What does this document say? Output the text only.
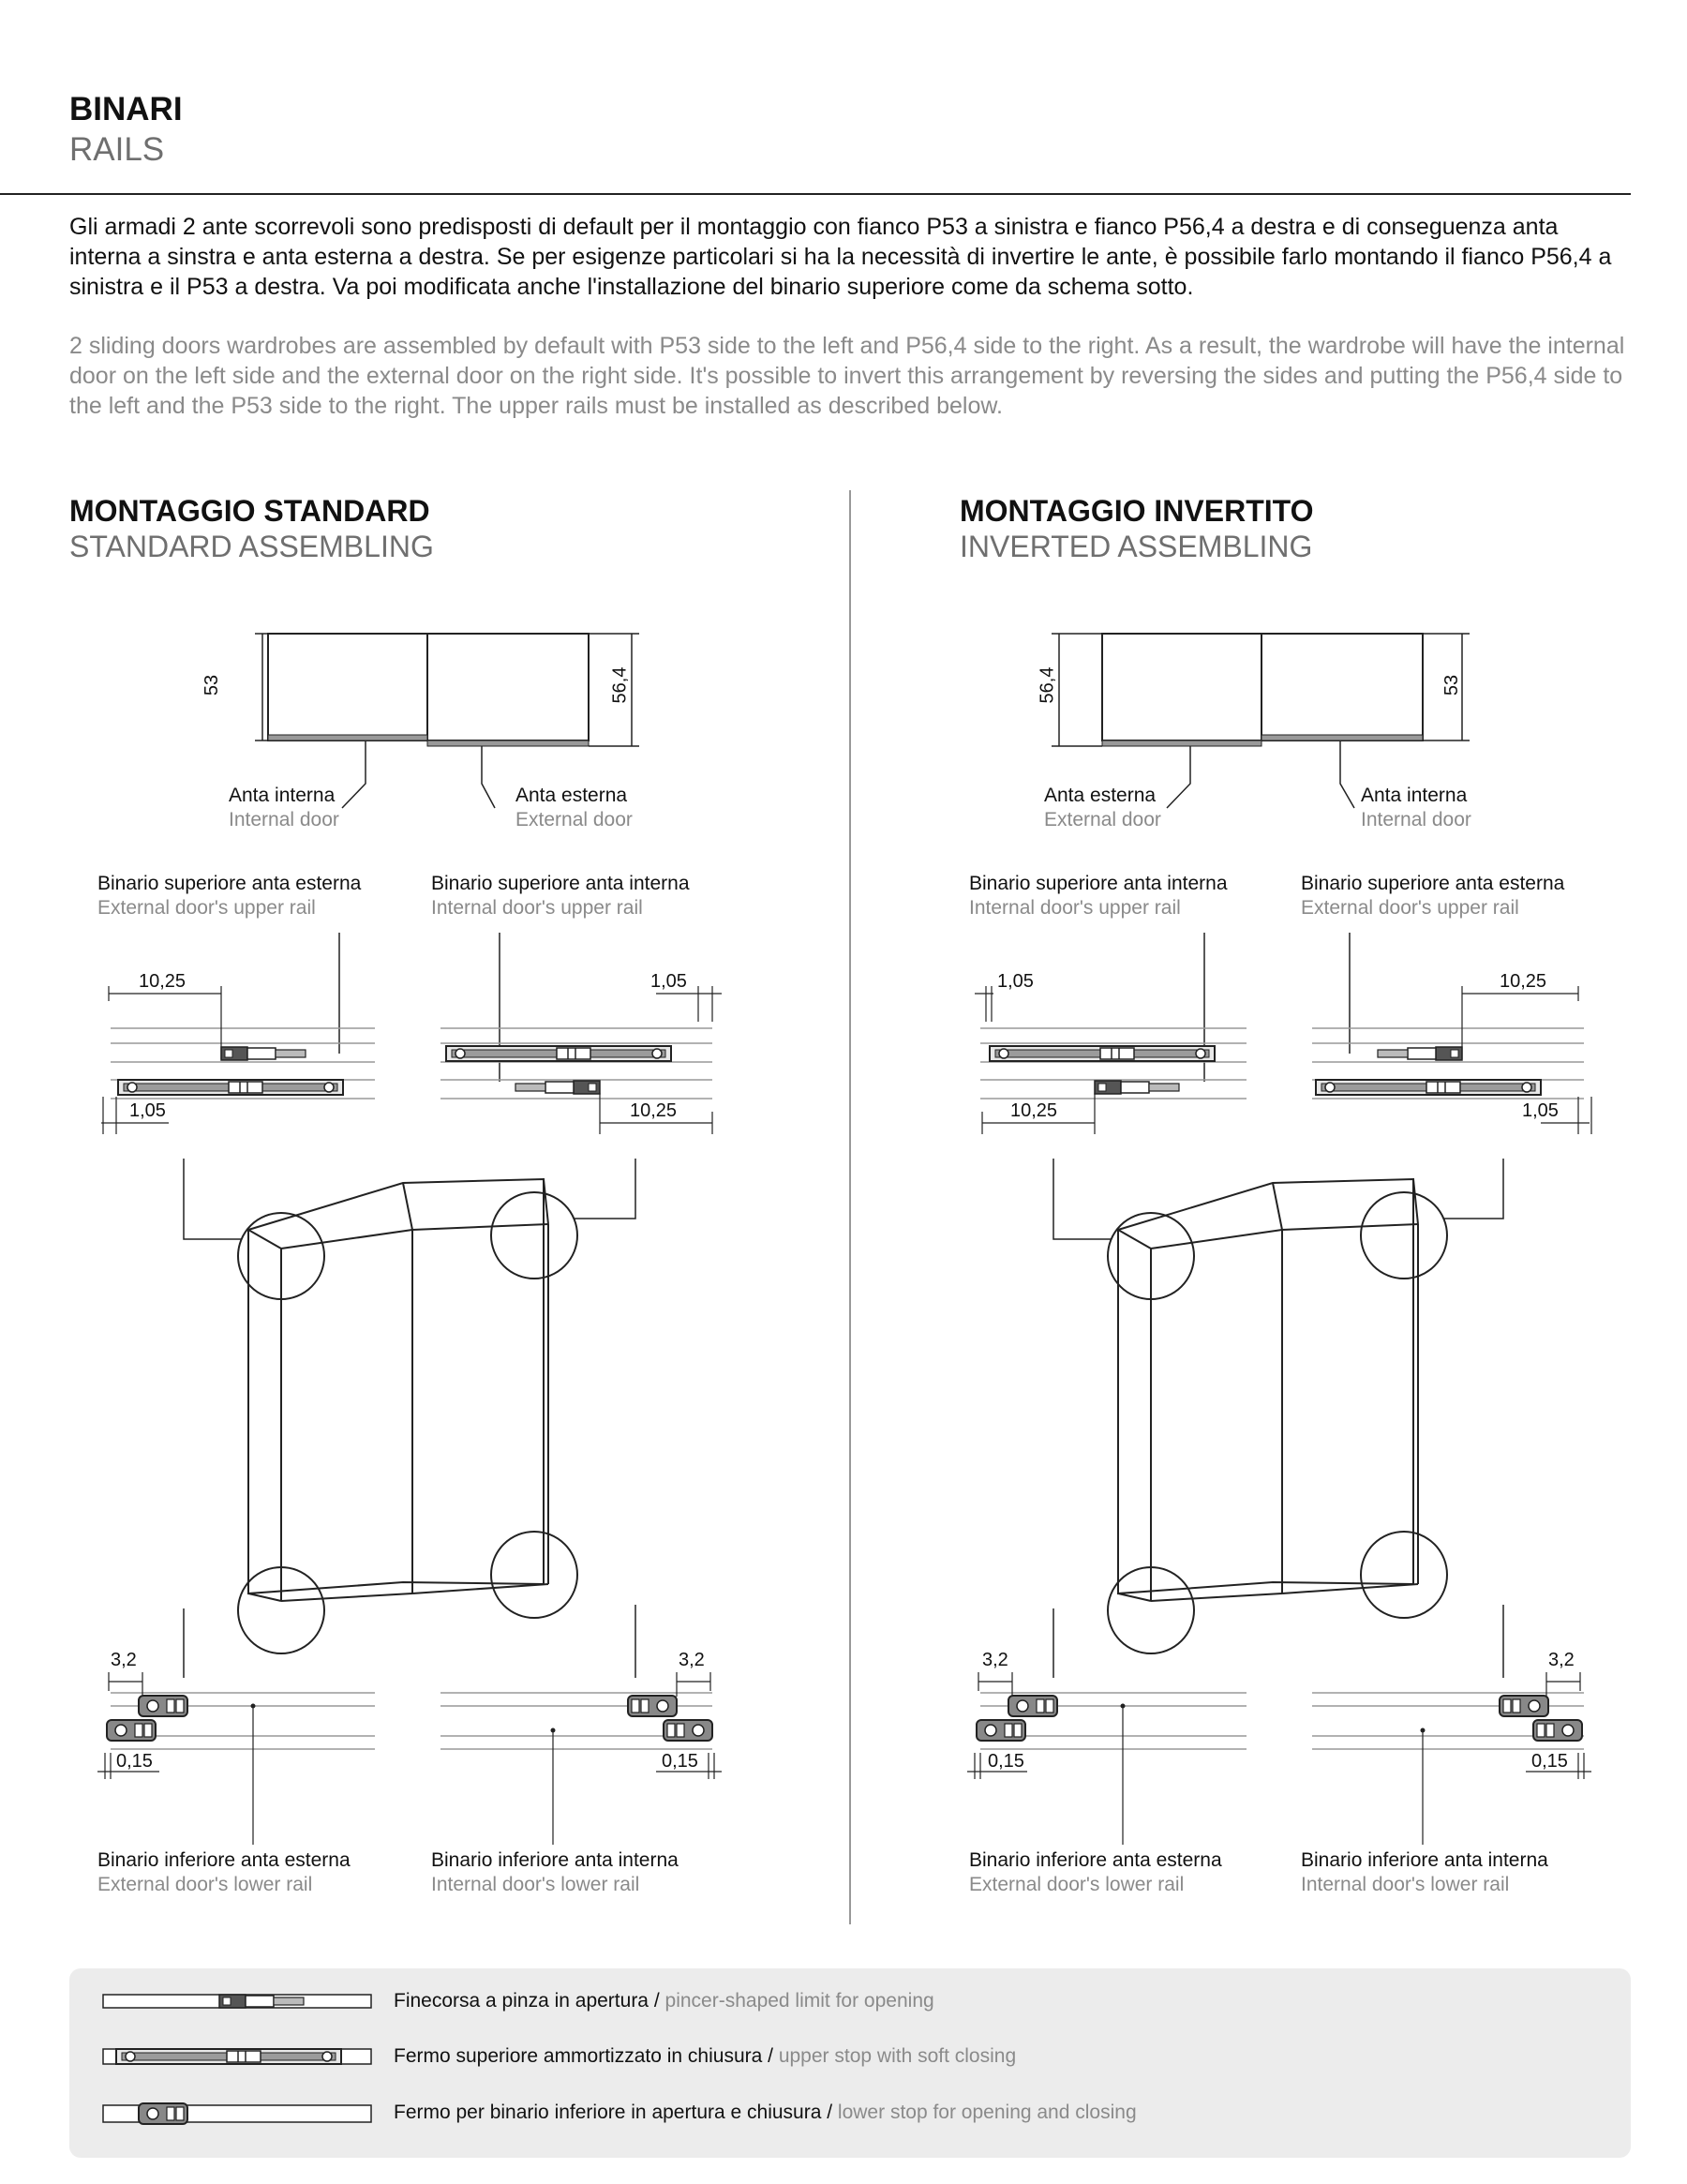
BINARI
RAILS
Gli armadi 2 ante scorrevoli sono predisposti di default per il montaggio con fianco P53 a sinistra e fianco P56,4 a destra e di conseguenza anta interna a sinstra e anta esterna a destra. Se per esigenze particolari si ha la necessità di invertire le ante, è possibile farlo montando il fianco P56,4 a sinistra e il P53 a destra. Va poi modificata anche l'installazione del binario superiore come da schema sotto.
2 sliding doors wardrobes are assembled by default with P53 side to the left and P56,4 side to the right. As a result, the wardrobe will have the internal door on the left side and the external door on the right side. It's possible to invert this arrangement by reversing the sides and putting the P56,4 side to the left and the P53 side to the right. The upper rails must be installed as described below.
MONTAGGIO STANDARD
STANDARD ASSEMBLING
MONTAGGIO INVERTITO
INVERTED ASSEMBLING
53	56,4
Anta interna
Internal door
Anta esterna
External door
Binario superiore anta esterna
External door's upper rail
Binario superiore anta interna
Internal door's upper rail
10,25
1,05
1,05
10,25
3,2
0,15
3,2
0,15
Binario inferiore anta esterna
External door's lower rail
Binario inferiore anta interna
Internal door's lower rail
56,4	53
Anta esterna
External door
Anta interna
Internal door
Binario superiore anta interna
Internal door's upper rail
Binario superiore anta esterna
External door's upper rail
1,05
10,25
10,25
1,05
3,2
0,15
3,2
0,15
Binario inferiore anta esterna
External door's lower rail
Binario inferiore anta interna
Internal door's lower rail
Finecorsa a pinza in apertura / pincer-shaped limit for opening
Fermo superiore ammortizzato in chiusura / upper stop with soft closing
Fermo per binario inferiore in apertura e chiusura / lower stop for opening and closing
